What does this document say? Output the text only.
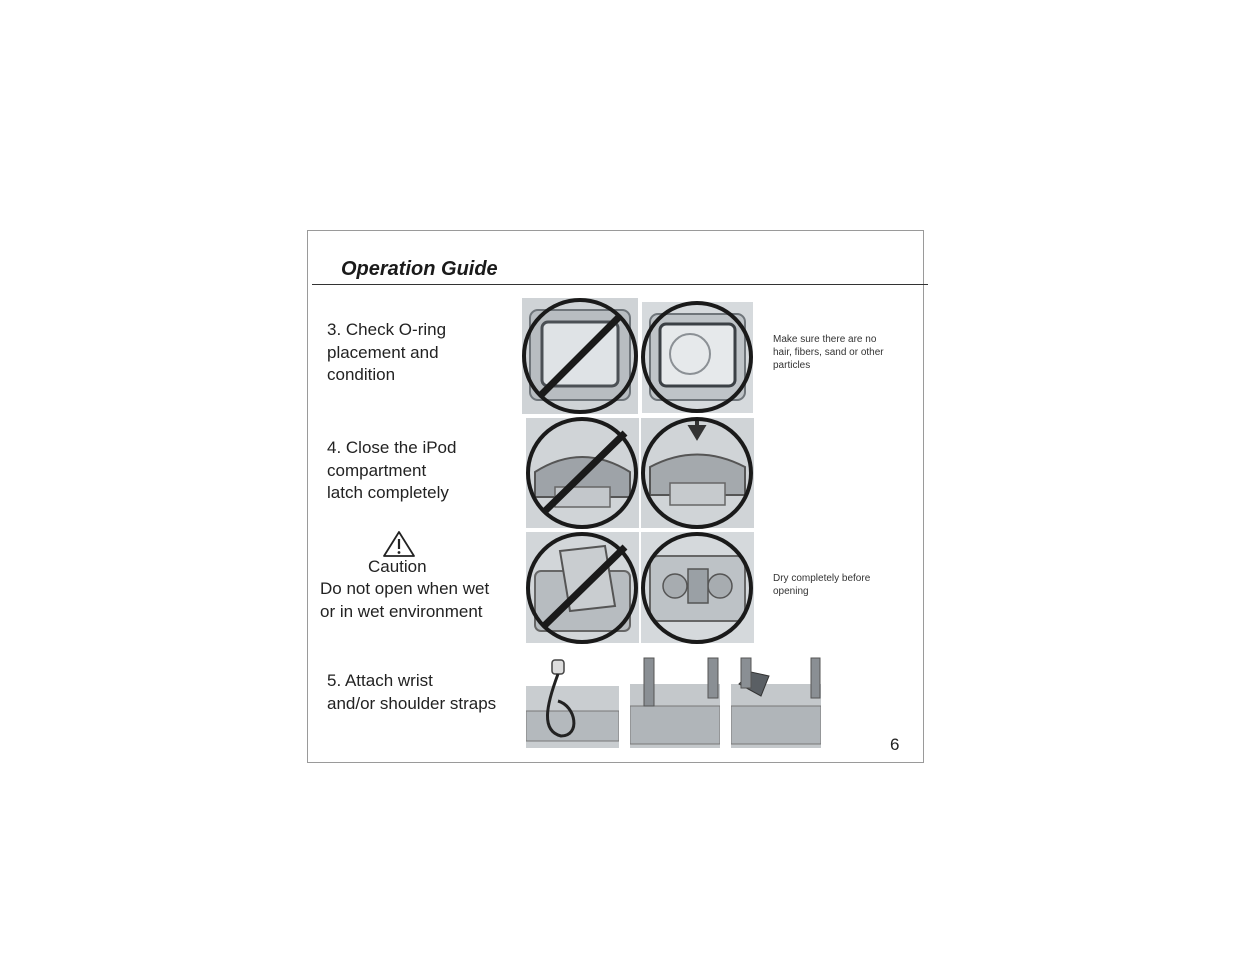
Operation Guide
3. Check O-ring
placement and
condition
4. Close the iPod
compartment
latch completely
Caution
Do not open when wet
or in wet environment
5. Attach wrist
and/or shoulder straps
Make sure there are no
hair, fibers, sand or other
particles
Dry completely before
opening
6
